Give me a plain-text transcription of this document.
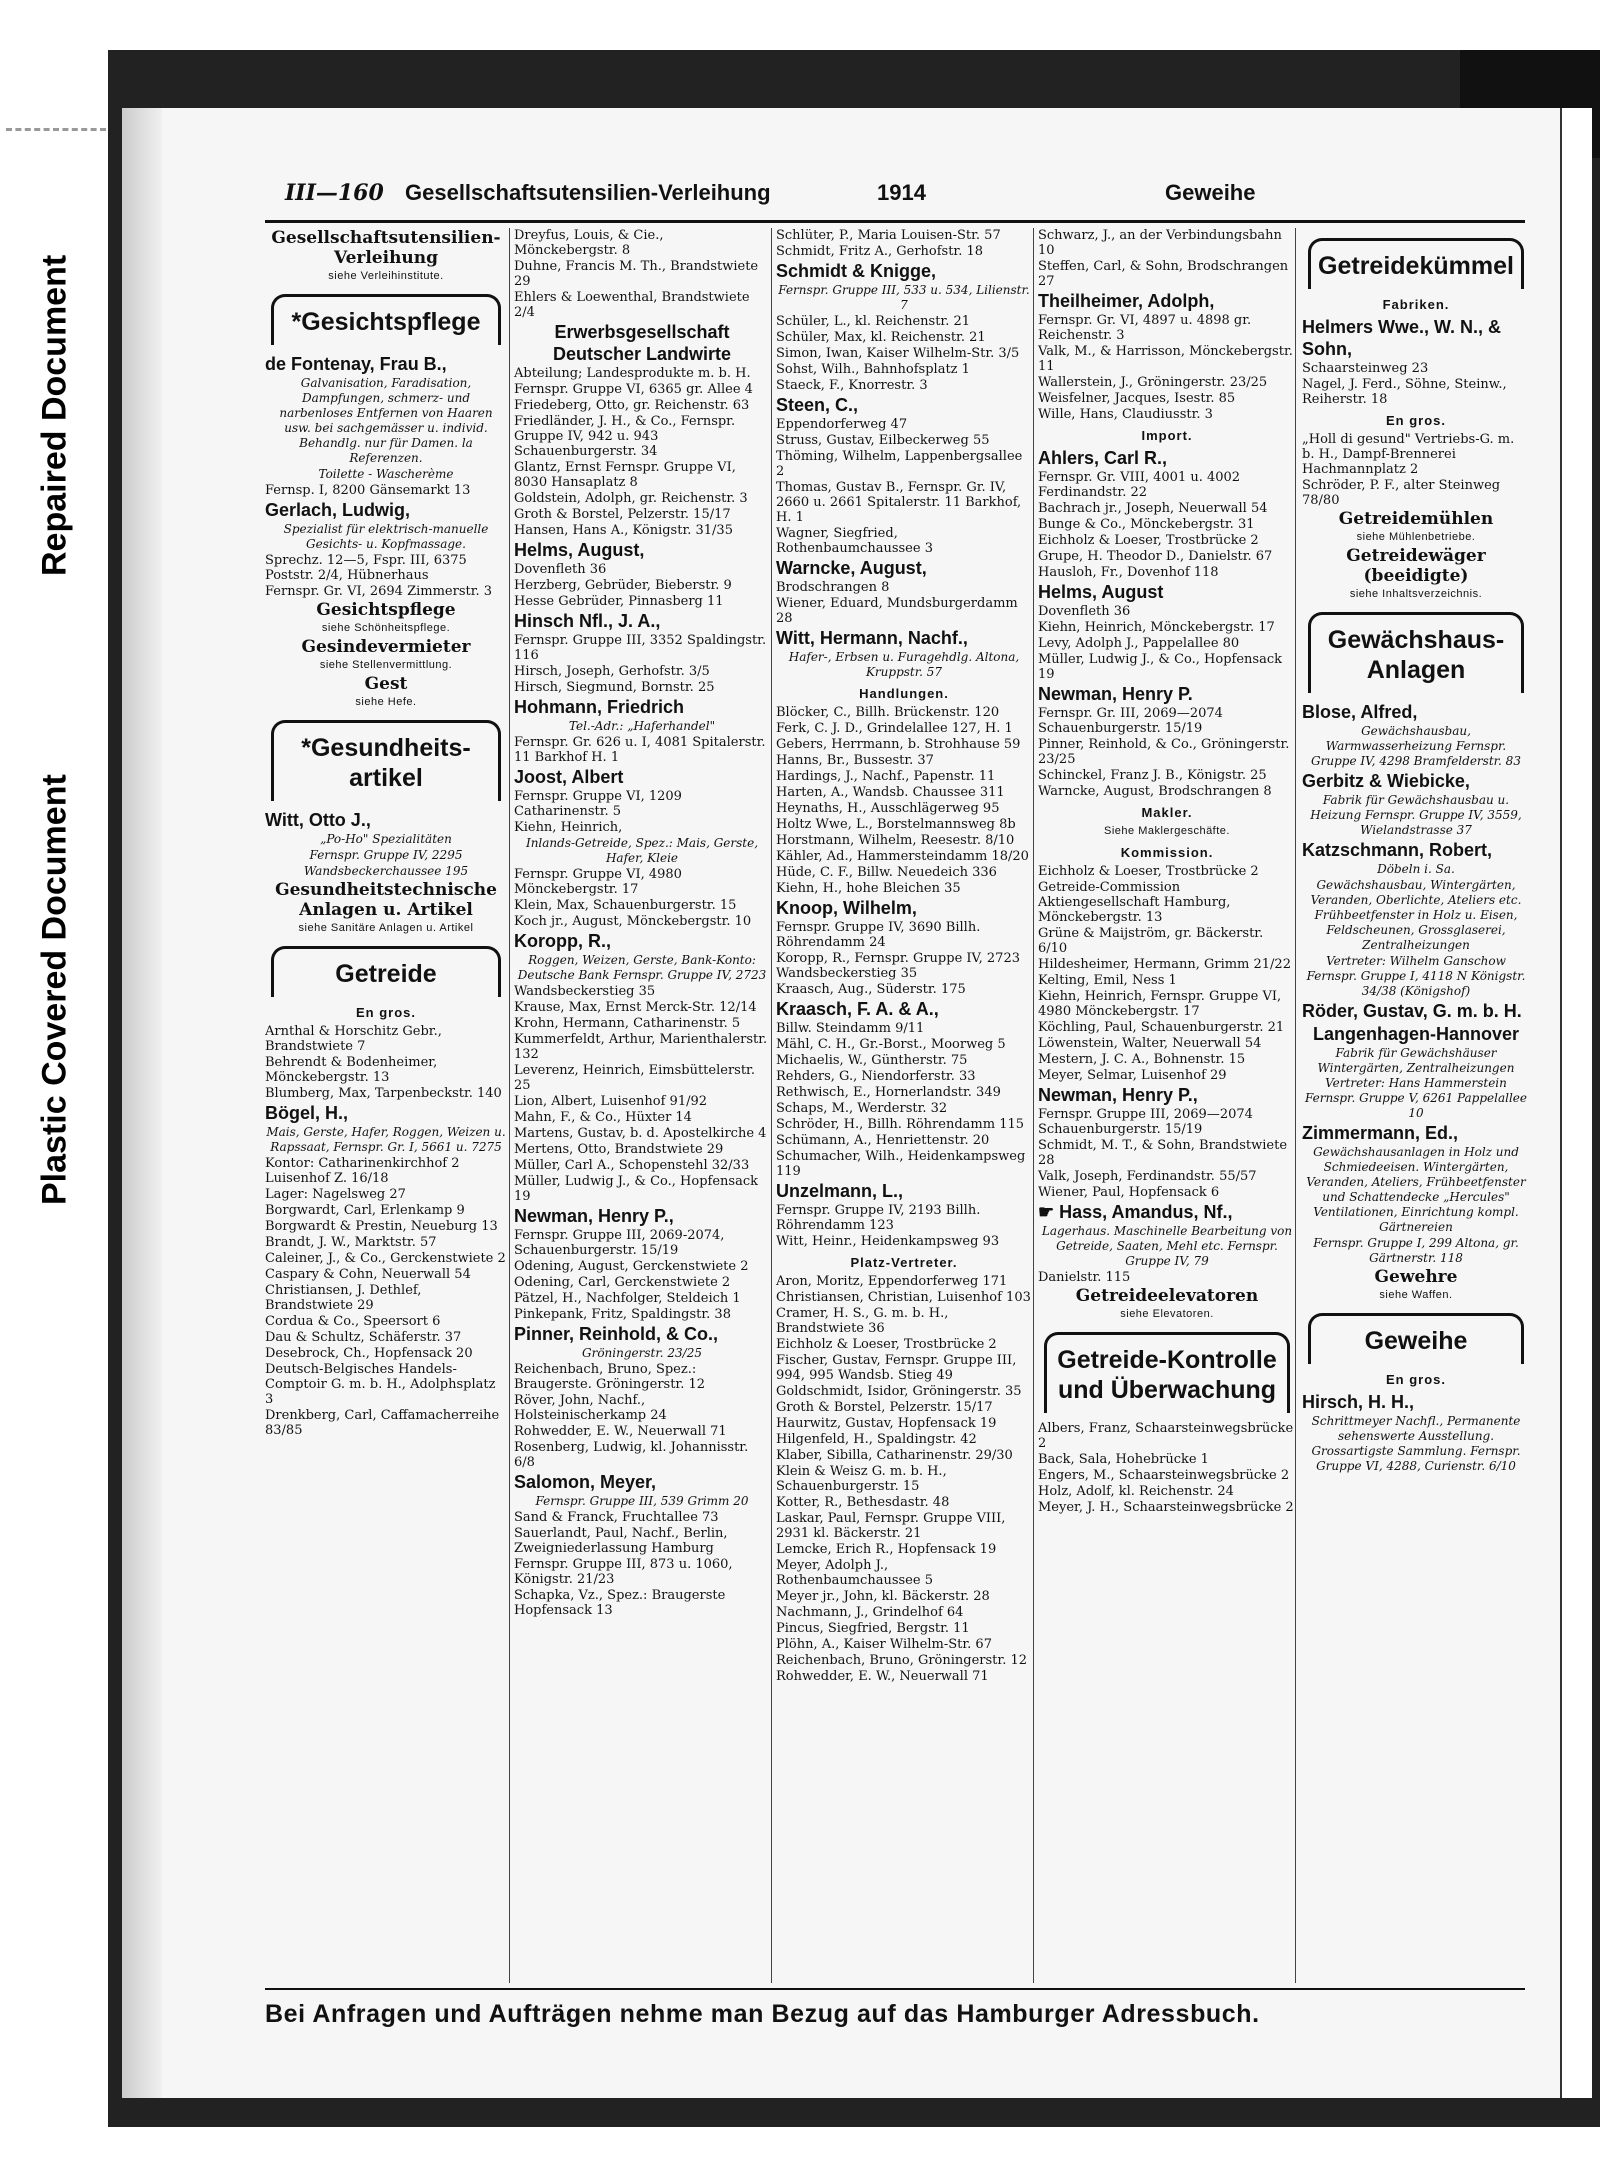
Repaired Document
Plastic Covered Document
III—160 Gesellschaftsutensilien-Verleihung	1914	Geweihe
Gesellschaftsutensilien-Verleihung
siehe Verleihinstitute.
*Gesichtspflege
de Fontenay, Frau B.,
Galvanisation, Faradisation, Dampfungen, schmerz- und narbenloses Entfernen von Haaren usw. bei sachgemässer u. individ. Behandlg. nur für Damen. la Referenzen.
Toilette - Wascherème
Fernsp. I, 8200 Gänsemarkt 13
Gerlach, Ludwig,
Spezialist für elektrisch-manuelle Gesichts- u. Kopfmassage.
Sprechz. 12—5, Fspr. III, 6375 Poststr. 2/4, Hübnerhaus
Fernspr. Gr. VI, 2694 Zimmerstr. 3
Gesichtspflege
siehe Schönheitspflege.
Gesindevermieter
siehe Stellenvermittlung.
Gest
siehe Hefe.
*Gesundheits-artikel
Witt, Otto J.,
„Po-Ho" Spezialitäten
Fernspr. Gruppe IV, 2295
Wandsbeckerchaussee 195
Gesundheitstechnische Anlagen u. Artikel
siehe Sanitäre Anlagen u. Artikel
Getreide
En gros.
Arnthal & Horschitz Gebr., Brandstwiete 7
Behrendt & Bodenheimer, Mönckebergstr. 13
Blumberg, Max, Tarpenbeckstr. 140
Bögel, H.,
Mais, Gerste, Hafer, Roggen, Weizen u. Rapssaat, Fernspr. Gr. I, 5661 u. 7275
Kontor: Catharinenkirchhof 2 Luisenhof Z. 16/18
Lager: Nagelsweg 27
Borgwardt, Carl, Erlenkamp 9
Borgwardt & Prestin, Neueburg 13
Brandt, J. W., Marktstr. 57
Caleiner, J., & Co., Gerckenstwiete 2
Caspary & Cohn, Neuerwall 54
Christiansen, J. Dethlef, Brandstwiete 29
Cordua & Co., Speersort 6
Dau & Schultz, Schäferstr. 37
Desebrock, Ch., Hopfensack 20
Deutsch-Belgisches Handels-Comptoir G. m. b. H., Adolphsplatz 3
Drenkberg, Carl, Caffamacherreihe 83/85
Dreyfus, Louis, & Cie., Mönckebergstr. 8
Duhne, Francis M. Th., Brandstwiete 29
Ehlers & Loewenthal, Brandstwiete 2/4
Erwerbsgesellschaft Deutscher Landwirte
Abteilung; Landesprodukte m. b. H.
Fernspr. Gruppe VI, 6365 gr. Allee 4
Friedeberg, Otto, gr. Reichenstr. 63
Friedländer, J. H., & Co., Fernspr. Gruppe IV, 942 u. 943 Schauenburgerstr. 34
Glantz, Ernst Fernspr. Gruppe VI, 8030 Hansaplatz 8
Goldstein, Adolph, gr. Reichenstr. 3
Groth & Borstel, Pelzerstr. 15/17
Hansen, Hans A., Königstr. 31/35
Helms, August,
Dovenfleth 36
Herzberg, Gebrüder, Bieberstr. 9
Hesse Gebrüder, Pinnasberg 11
Hinsch Nfl., J. A.,
Fernspr. Gruppe III, 3352 Spaldingstr. 116
Hirsch, Joseph, Gerhofstr. 3/5
Hirsch, Siegmund, Bornstr. 25
Hohmann, Friedrich
Tel.-Adr.: „Haferhandel"
Fernspr. Gr. 626 u. I, 4081 Spitalerstr. 11 Barkhof H. 1
Joost, Albert
Fernspr. Gruppe VI, 1209 Catharinenstr. 5
Kiehn, Heinrich,
Inlands-Getreide, Spez.: Mais, Gerste, Hafer, Kleie
Fernspr. Gruppe VI, 4980 Mönckebergstr. 17
Klein, Max, Schauenburgerstr. 15
Koch jr., August, Mönckebergstr. 10
Koropp, R.,
Roggen, Weizen, Gerste, Bank-Konto: Deutsche Bank Fernspr. Gruppe IV, 2723
Wandsbeckerstieg 35
Krause, Max, Ernst Merck-Str. 12/14
Krohn, Hermann, Catharinenstr. 5
Kummerfeldt, Arthur, Marienthalerstr. 132
Leverenz, Heinrich, Eimsbüttelerstr. 25
Lion, Albert, Luisenhof 91/92
Mahn, F., & Co., Hüxter 14
Martens, Gustav, b. d. Apostelkirche 4
Mertens, Otto, Brandstwiete 29
Müller, Carl A., Schopenstehl 32/33
Müller, Ludwig J., & Co., Hopfensack 19
Newman, Henry P.,
Fernspr. Gruppe III, 2069-2074, Schauenburgerstr. 15/19
Odening, August, Gerckenstwiete 2
Odening, Carl, Gerckenstwiete 2
Pätzel, H., Nachfolger, Steldeich 1
Pinkepank, Fritz, Spaldingstr. 38
Pinner, Reinhold, & Co.,
Gröningerstr. 23/25
Reichenbach, Bruno, Spez.: Braugerste. Gröningerstr. 12
Röver, John, Nachf., Holsteinischerkamp 24
Rohwedder, E. W., Neuerwall 71
Rosenberg, Ludwig, kl. Johannisstr. 6/8
Salomon, Meyer,
Fernspr. Gruppe III, 539 Grimm 20
Sand & Franck, Fruchtallee 73
Sauerlandt, Paul, Nachf., Berlin, Zweigniederlassung Hamburg
Fernspr. Gruppe III, 873 u. 1060, Königstr. 21/23
Schapka, Vz., Spez.: Braugerste Hopfensack 13
Schlüter, P., Maria Louisen-Str. 57
Schmidt, Fritz A., Gerhofstr. 18
Schmidt & Knigge,
Fernspr. Gruppe III, 533 u. 534, Lilienstr. 7
Schüler, L., kl. Reichenstr. 21
Schüler, Max, kl. Reichenstr. 21
Simon, Iwan, Kaiser Wilhelm-Str. 3/5
Sohst, Wilh., Bahnhofsplatz 1
Staeck, F., Knorrestr. 3
Steen, C.,
Eppendorferweg 47
Struss, Gustav, Eilbeckerweg 55
Thöming, Wilhelm, Lappenbergsallee 2
Thomas, Gustav B., Fernspr. Gr. IV, 2660 u. 2661 Spitalerstr. 11 Barkhof, H. 1
Wagner, Siegfried, Rothenbaumchaussee 3
Warncke, August,
Brodschrangen 8
Wiener, Eduard, Mundsburgerdamm 28
Witt, Hermann, Nachf.,
Hafer-, Erbsen u. Furagehdlg. Altona, Kruppstr. 57
Handlungen.
Blöcker, C., Billh. Brückenstr. 120
Ferk, C. J. D., Grindelallee 127, H. 1
Gebers, Herrmann, b. Strohhause 59
Hanns, Br., Bussestr. 37
Hardings, J., Nachf., Papenstr. 11
Harten, A., Wandsb. Chaussee 311
Heynaths, H., Ausschlägerweg 95
Holtz Wwe, L., Borstelmannsweg 8b
Horstmann, Wilhelm, Reesestr. 8/10
Kähler, Ad., Hammersteindamm 18/20
Hüde, C. F., Billw. Neuedeich 336
Kiehn, H., hohe Bleichen 35
Knoop, Wilhelm,
Fernspr. Gruppe IV, 3690 Billh. Röhrendamm 24
Koropp, R., Fernspr. Gruppe IV, 2723 Wandsbeckerstieg 35
Kraasch, Aug., Süderstr. 175
Kraasch, F. A. & A.,
Billw. Steindamm 9/11
Mähl, C. H., Gr.-Borst., Moorweg 5
Michaelis, W., Güntherstr. 75
Rehders, G., Niendorferstr. 33
Rethwisch, E., Hornerlandstr. 349
Schaps, M., Werderstr. 32
Schröder, H., Billh. Röhrendamm 115
Schümann, A., Henriettenstr. 20
Schumacher, Wilh., Heidenkampsweg 119
Unzelmann, L.,
Fernspr. Gruppe IV, 2193 Billh. Röhrendamm 123
Witt, Heinr., Heidenkampsweg 93
Platz-Vertreter.
Aron, Moritz, Eppendorferweg 171
Christiansen, Christian, Luisenhof 103
Cramer, H. S., G. m. b. H., Brandstwiete 36
Eichholz & Loeser, Trostbrücke 2
Fischer, Gustav, Fernspr. Gruppe III, 994, 995 Wandsb. Stieg 49
Goldschmidt, Isidor, Gröningerstr. 35
Groth & Borstel, Pelzerstr. 15/17
Haurwitz, Gustav, Hopfensack 19
Hilgenfeld, H., Spaldingstr. 42
Klaber, Sibilla, Catharinenstr. 29/30
Klein & Weisz G. m. b. H., Schauenburgerstr. 15
Kotter, R., Bethesdastr. 48
Laskar, Paul, Fernspr. Gruppe VIII, 2931 kl. Bäckerstr. 21
Lemcke, Erich R., Hopfensack 19
Meyer, Adolph J., Rothenbaumchaussee 5
Meyer jr., John, kl. Bäckerstr. 28
Nachmann, J., Grindelhof 64
Pincus, Siegfried, Bergstr. 11
Plöhn, A., Kaiser Wilhelm-Str. 67
Reichenbach, Bruno, Gröningerstr. 12
Rohwedder, E. W., Neuerwall 71
Schwarz, J., an der Verbindungsbahn 10
Steffen, Carl, & Sohn, Brodschrangen 27
Theilheimer, Adolph,
Fernspr. Gr. VI, 4897 u. 4898 gr. Reichenstr. 3
Valk, M., & Harrisson, Mönckebergstr. 11
Wallerstein, J., Gröningerstr. 23/25
Weisfelner, Jacques, Isestr. 85
Wille, Hans, Claudiusstr. 3
Import.
Ahlers, Carl R.,
Fernspr. Gr. VIII, 4001 u. 4002 Ferdinandstr. 22
Bachrach jr., Joseph, Neuerwall 54
Bunge & Co., Mönckebergstr. 31
Eichholz & Loeser, Trostbrücke 2
Grupe, H. Theodor D., Danielstr. 67
Hausloh, Fr., Dovenhof 118
Helms, August
Dovenfleth 36
Kiehn, Heinrich, Mönckebergstr. 17
Levy, Adolph J., Pappelallee 80
Müller, Ludwig J., & Co., Hopfensack 19
Newman, Henry P.
Fernspr. Gr. III, 2069—2074 Schauenburgerstr. 15/19
Pinner, Reinhold, & Co., Gröningerstr. 23/25
Schinckel, Franz J. B., Königstr. 25
Warncke, August, Brodschrangen 8
Makler.
Siehe Maklergeschäfte.
Kommission.
Eichholz & Loeser, Trostbrücke 2
Getreide-Commission Aktiengesellschaft Hamburg, Mönckebergstr. 13
Grüne & Maijström, gr. Bäckerstr. 6/10
Hildesheimer, Hermann, Grimm 21/22
Kelting, Emil, Ness 1
Kiehn, Heinrich, Fernspr. Gruppe VI, 4980 Mönckebergstr. 17
Köchling, Paul, Schauenburgerstr. 21
Löwenstein, Walter, Neuerwall 54
Mestern, J. C. A., Bohnenstr. 15
Meyer, Selmar, Luisenhof 29
Newman, Henry P.,
Fernspr. Gruppe III, 2069—2074 Schauenburgerstr. 15/19
Schmidt, M. T., & Sohn, Brandstwiete 28
Valk, Joseph, Ferdinandstr. 55/57
Wiener, Paul, Hopfensack 6
☛ Hass, Amandus, Nf.,
Lagerhaus. Maschinelle Bearbeitung von Getreide, Saaten, Mehl etc. Fernspr. Gruppe IV, 79
Danielstr. 115
Getreideelevatoren
siehe Elevatoren.
Getreide-Kontrolle und Überwachung
Albers, Franz, Schaarsteinwegsbrücke 2
Back, Sala, Hohebrücke 1
Engers, M., Schaarsteinwegsbrücke 2
Holz, Adolf, kl. Reichenstr. 24
Meyer, J. H., Schaarsteinwegsbrücke 2
Getreidekümmel
Fabriken.
Helmers Wwe., W. N., & Sohn,
Schaarsteinweg 23
Nagel, J. Ferd., Söhne, Steinw., Reiherstr. 18
En gros.
„Holl di gesund" Vertriebs-G. m. b. H., Dampf-Brennerei Hachmannplatz 2
Schröder, P. F., alter Steinweg 78/80
Getreidemühlen
siehe Mühlenbetriebe.
Getreidewäger (beeidigte)
siehe Inhaltsverzeichnis.
Gewächshaus-Anlagen
Blose, Alfred,
Gewächshausbau, Warmwasserheizung Fernspr. Gruppe IV, 4298 Bramfelderstr. 83
Gerbitz & Wiebicke,
Fabrik für Gewächshausbau u. Heizung Fernspr. Gruppe IV, 3559, Wielandstrasse 37
Katzschmann, Robert,
Döbeln i. Sa.
Gewächshausbau, Wintergärten, Veranden, Oberlichte, Ateliers etc. Frühbeetfenster in Holz u. Eisen, Feldscheunen, Grossglaserei, Zentralheizungen
Vertreter: Wilhelm Ganschow Fernspr. Gruppe I, 4118 N Königstr. 34/38 (Königshof)
Röder, Gustav, G. m. b. H.
Langenhagen-Hannover
Fabrik für Gewächshäuser Wintergärten, Zentralheizungen Vertreter: Hans Hammerstein Fernspr. Gruppe V, 6261 Pappelallee 10
Zimmermann, Ed.,
Gewächshausanlagen in Holz und Schmiedeeisen. Wintergärten, Veranden, Ateliers, Frühbeetfenster und Schattendecke „Hercules" Ventilationen, Einrichtung kompl. Gärtnereien
Fernspr. Gruppe I, 299 Altona, gr. Gärtnerstr. 118
Gewehre
siehe Waffen.
Geweihe
En gros.
Hirsch, H. H.,
Schrittmeyer Nachfl., Permanente sehenswerte Ausstellung. Grossartigste Sammlung. Fernspr. Gruppe VI, 4288, Curienstr. 6/10
Bei Anfragen und Aufträgen nehme man Bezug auf das Hamburger Adressbuch.
